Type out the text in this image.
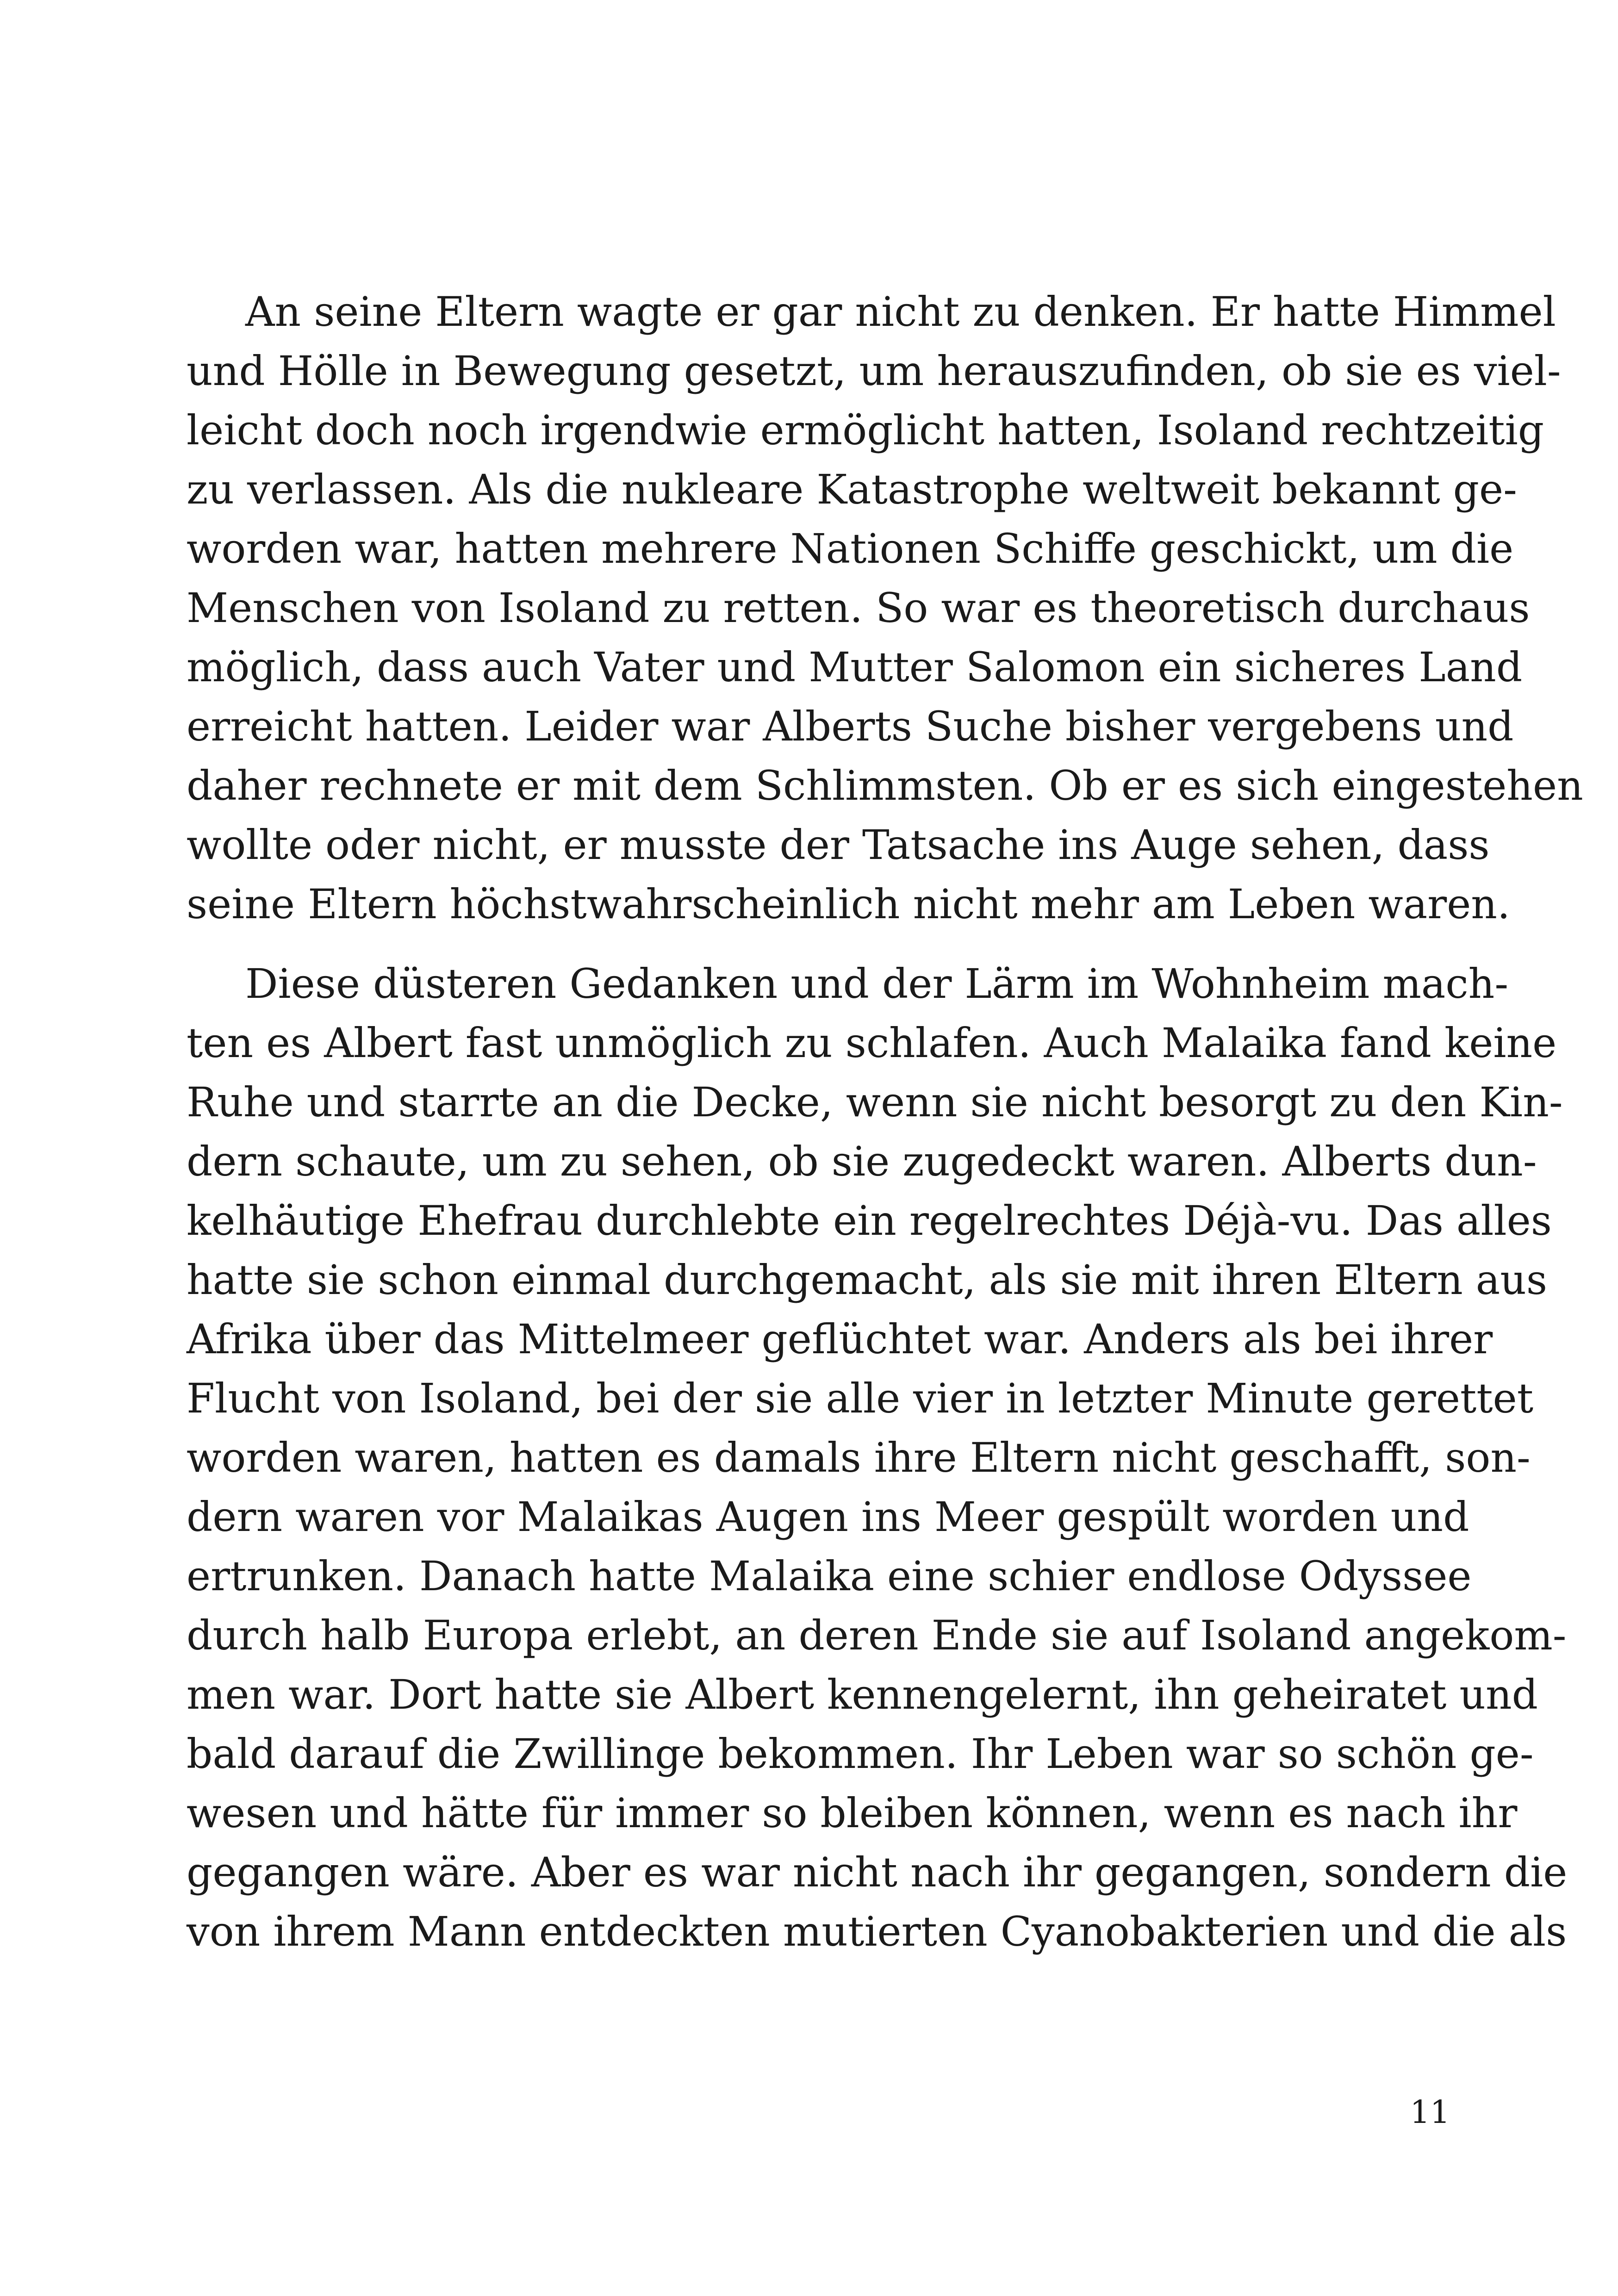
An seine Eltern wagte er gar nicht zu denken. Er hatte Himmel
und Hölle in Bewegung gesetzt, um herauszufinden, ob sie es viel-
leicht doch noch irgendwie ermöglicht hatten, Isoland rechtzeitig
zu verlassen. Als die nukleare Katastrophe weltweit bekannt ge-
worden war, hatten mehrere Nationen Schiffe geschickt, um die
Menschen von Isoland zu retten. So war es theoretisch durchaus
möglich, dass auch Vater und Mutter Salomon ein sicheres Land
erreicht hatten. Leider war Alberts Suche bisher vergebens und
daher rechnete er mit dem Schlimmsten. Ob er es sich eingestehen
wollte oder nicht, er musste der Tatsache ins Auge sehen, dass
seine Eltern höchstwahrscheinlich nicht mehr am Leben waren.
Diese düsteren Gedanken und der Lärm im Wohnheim mach-
ten es Albert fast unmöglich zu schlafen. Auch Malaika fand keine
Ruhe und starrte an die Decke, wenn sie nicht besorgt zu den Kin-
dern schaute, um zu sehen, ob sie zugedeckt waren. Alberts dun-
kelhäutige Ehefrau durchlebte ein regelrechtes Déjà-vu. Das alles
hatte sie schon einmal durchgemacht, als sie mit ihren Eltern aus
Afrika über das Mittelmeer geflüchtet war. Anders als bei ihrer
Flucht von Isoland, bei der sie alle vier in letzter Minute gerettet
worden waren, hatten es damals ihre Eltern nicht geschafft, son-
dern waren vor Malaikas Augen ins Meer gespült worden und
ertrunken. Danach hatte Malaika eine schier endlose Odyssee
durch halb Europa erlebt, an deren Ende sie auf Isoland angekom-
men war. Dort hatte sie Albert kennengelernt, ihn geheiratet und
bald darauf die Zwillinge bekommen. Ihr Leben war so schön ge-
wesen und hätte für immer so bleiben können, wenn es nach ihr
gegangen wäre. Aber es war nicht nach ihr gegangen, sondern die
von ihrem Mann entdeckten mutierten Cyanobakterien und die als
11
